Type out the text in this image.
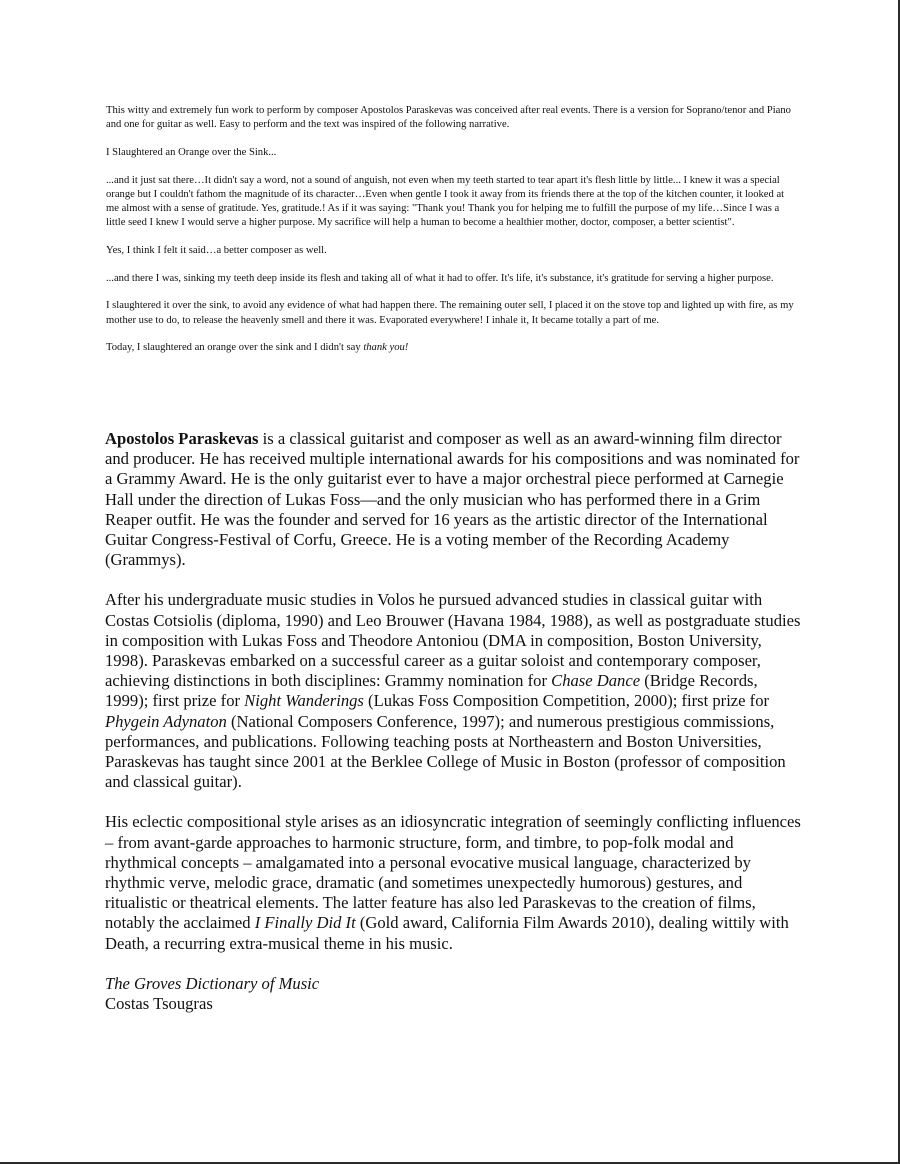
This witty and extremely fun work to perform by composer Apostolos Paraskevas was conceived after real events. There is a version for Soprano/tenor and Piano and one for guitar as well. Easy to perform and the text was inspired of the following narrative.

I Slaughtered an Orange over the Sink...

...and it just sat there…It didn't say a word, not a sound of anguish, not even when my teeth started to tear apart it's flesh little by little... I knew it was a special orange but I couldn't fathom the magnitude of its character…Even when gentle I took it away from its friends there at the top of the kitchen counter, it looked at me almost with a sense of gratitude. Yes, gratitude.! As if it was saying: "Thank you! Thank you for helping me to fulfill the purpose of my life…Since I was a little seed I knew I would serve a higher purpose. My sacrifice will help a human to become a healthier mother, doctor, composer, a better scientist".

Yes, I think I felt it said…a better composer as well.

...and there I was, sinking my teeth deep inside its flesh and taking all of what it had to offer. It's life, it's substance, it's gratitude for serving a higher purpose.

I slaughtered it over the sink, to avoid any evidence of what had happen there. The remaining outer sell, I placed it on the stove top and lighted up with fire, as my mother use to do, to release the heavenly smell and there it was. Evaporated everywhere! I inhale it, It became totally a part of me.

Today, I slaughtered an orange over the sink and I didn't say thank you!

Apostolos Paraskevas is a classical guitarist and composer as well as an award-winning film director and producer. He has received multiple international awards for his compositions and was nominated for a Grammy Award. He is the only guitarist ever to have a major orchestral piece performed at Carnegie Hall under the direction of Lukas Foss—and the only musician who has performed there in a Grim Reaper outfit. He was the founder and served for 16 years as the artistic director of the International Guitar Congress-Festival of Corfu, Greece. He is a voting member of the Recording Academy (Grammys).

After his undergraduate music studies in Volos he pursued advanced studies in classical guitar with Costas Cotsiolis (diploma, 1990) and Leo Brouwer (Havana 1984, 1988), as well as postgraduate studies in composition with Lukas Foss and Theodore Antoniou (DMA in composition, Boston University, 1998). Paraskevas embarked on a successful career as a guitar soloist and contemporary composer, achieving distinctions in both disciplines: Grammy nomination for Chase Dance (Bridge Records, 1999); first prize for Night Wanderings (Lukas Foss Composition Competition, 2000); first prize for Phygein Adynaton (National Composers Conference, 1997); and numerous prestigious commissions, performances, and publications. Following teaching posts at Northeastern and Boston Universities, Paraskevas has taught since 2001 at the Berklee College of Music in Boston (professor of composition and classical guitar).

His eclectic compositional style arises as an idiosyncratic integration of seemingly conflicting influences – from avant-garde approaches to harmonic structure, form, and timbre, to pop-folk modal and rhythmical concepts – amalgamated into a personal evocative musical language, characterized by rhythmic verve, melodic grace, dramatic (and sometimes unexpectedly humorous) gestures, and ritualistic or theatrical elements. The latter feature has also led Paraskevas to the creation of films, notably the acclaimed I Finally Did It (Gold award, California Film Awards 2010), dealing wittily with Death, a recurring extra-musical theme in his music.

The Groves Dictionary of Music
Costas Tsougras
